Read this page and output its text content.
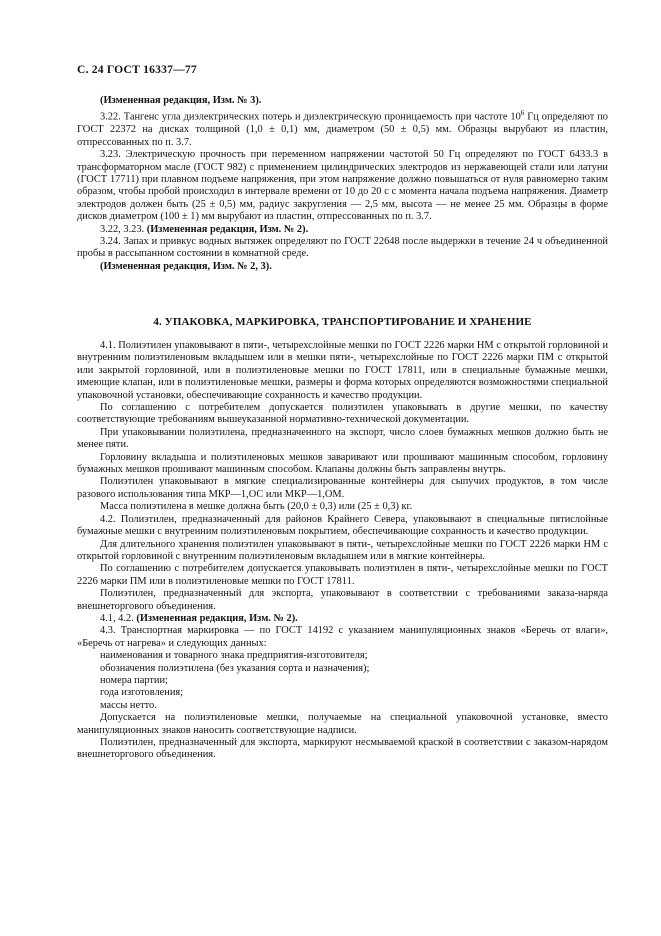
С. 24 ГОСТ 16337—77

(Измененная редакция, Изм. № 3).

3.22. Тангенс угла диэлектрических потерь и диэлектрическую проницаемость при частоте $10^6$ Гц определяют по ГОСТ 22372 на дисках толщиной (1,0 ± 0,1) мм, диаметром (50 ± 0,5) мм. Образцы вырубают из пластин, отпрессованных по п. 3.7.

3.23. Электрическую прочность при переменном напряжении частотой 50 Гц определяют по ГОСТ 6433.3 в трансформаторном масле (ГОСТ 982) с применением цилиндрических электродов из нержавеющей стали или латуни (ГОСТ 17711) при плавном подъеме напряжения, при этом напряжение должно повышаться от нуля равномерно таким образом, чтобы пробой происходил в интервале времени от 10 до 20 с с момента начала подъема напряжения. Диаметр электродов должен быть (25 ± 0,5) мм, радиус закругления — 2,5 мм, высота — не менее 25 мм. Образцы в форме дисков диаметром (100 ± 1) мм вырубают из пластин, отпрессованных по п. 3.7.

3.22, 3.23. (Измененная редакция, Изм. № 2).

3.24. Запах и привкус водных вытяжек определяют по ГОСТ 22648 после выдержки в течение 24 ч объединенной пробы в рассыпанном состоянии в комнатной среде.

(Измененная редакция, Изм. № 2, 3).

4. УПАКОВКА, МАРКИРОВКА, ТРАНСПОРТИРОВАНИЕ И ХРАНЕНИЕ

4.1. Полиэтилен упаковывают в пяти-, четырехслойные мешки по ГОСТ 2226 марки НМ с открытой горловиной и внутренним полиэтиленовым вкладышем или в мешки пяти-, четырехслойные по ГОСТ 2226 марки ПМ с открытой или закрытой горловиной, или в полиэтиленовые мешки по ГОСТ 17811, или в специальные бумажные мешки, имеющие клапан, или в полиэтиленовые мешки, размеры и форма которых определяются возможностями специальной упаковочной установки, обеспечивающие сохранность и качество продукции.

По соглашению с потребителем допускается полиэтилен упаковывать в другие мешки, по качеству соответствующие требованиям вышеуказанной нормативно-технической документации.

При упаковывании полиэтилена, предназначенного на экспорт, число слоев бумажных мешков должно быть не менее пяти.

Горловину вкладыша и полиэтиленовых мешков заваривают или прошивают машинным способом, горловину бумажных мешков прошивают машинным способом. Клапаны должны быть заправлены внутрь.

Полиэтилен упаковывают в мягкие специализированные контейнеры для сыпучих продуктов, в том числе разового использования типа МКР—1,ОС или МКР—1,ОМ.

Масса полиэтилена в мешке должна быть (20,0 ± 0,3) или (25 ± 0,3) кг.

4.2. Полиэтилен, предназначенный для районов Крайнего Севера, упаковывают в специальные пятислойные бумажные мешки с внутренним полиэтиленовым покрытием, обеспечивающие сохранность и качество продукции.

Для длительного хранения полиэтилен упаковывают в пяти-, четырехслойные мешки по ГОСТ 2226 марки НМ с открытой горловиной с внутренним полиэтиленовым вкладышем или в мягкие контейнеры.

По соглашению с потребителем допускается упаковывать полиэтилен в пяти-, четырехслойные мешки по ГОСТ 2226 марки ПМ или в полиэтиленовые мешки по ГОСТ 17811.

Полиэтилен, предназначенный для экспорта, упаковывают в соответствии с требованиями заказа-наряда внешнеторгового объединения.

4.1, 4.2. (Измененная редакция, Изм. № 2).

4.3. Транспортная маркировка — по ГОСТ 14192 с указанием манипуляционных знаков «Беречь от влаги», «Беречь от нагрева» и следующих данных:

наименования и товарного знака предприятия-изготовителя;
обозначения полиэтилена (без указания сорта и назначения);
номера партии;
года изготовления;
массы нетто.

Допускается на полиэтиленовые мешки, получаемые на специальной упаковочной установке, вместо манипуляционных знаков наносить соответствующие надписи.

Полиэтилен, предназначенный для экспорта, маркируют несмываемой краской в соответствии с заказом-нарядом внешнеторгового объединения.
